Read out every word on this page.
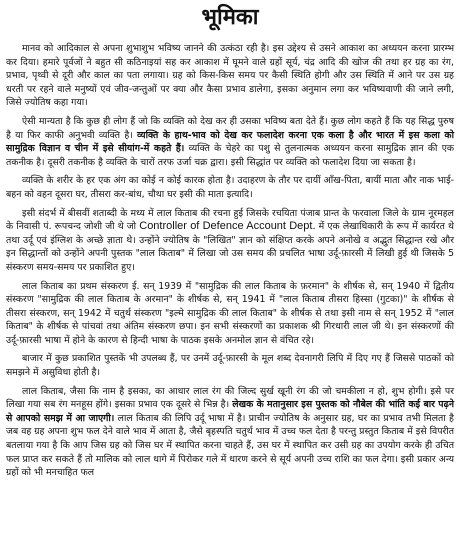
भूमिका

मानव को आदिकाल से अपना शुभाशुभ भविष्य जानने की उत्कंठा रही है। इस उद्देश्य से उसने आकाश का अध्ययन करना प्रारम्भ कर दिया। हमारे पूर्वजों ने बहुत सी कठिनाइयां सह कर आकाश में घूमने वाले ग्रहों सूर्य, चंद्र आदि की खोज की तथा हर ग्रह का रंग, प्रभाव, पृथ्वी से दूरी और काल का पता लगाया। ग्रह को किस-किस समय पर कैसी स्थिति होगी और उस स्थिति में आने पर उस ग्रह धरती पर रहने वाले मनुष्यों एवं जीव-जन्तुओं पर क्या और कैसा प्रभाव डालेगा, इसका अनुमान लगा कर भविष्यवाणी की जाने लगी, जिसे ज्योतिष कहा गया।

ऐसी मान्यता है कि कुछ ही लोग हैं जो कि व्यक्ति को देख कर ही उसका भविष्य बता देते हैं। कुछ लोग कहते हैं कि यह सिद्ध पुरुष है या फिर काफी अनुभवी व्यक्ति है। व्यक्ति के हाथ-भाव को देख कर फलादेश करना एक कला है और भारत में इस कला को सामुद्रिक विज्ञान व चीन में इसे सीयांग-में कहते हैं। व्यक्ति के चेहरे का पशु से तुलनात्मक अध्ययन करना सामुद्रिक ज्ञान की एक तकनीक है। दूसरी तकनीक है व्यक्ति के चारों तरफ उर्जा चक्र द्वारा। इसी सिद्धांत पर व्यक्ति को फलादेश दिया जा सकता है।

व्यक्ति के शरीर के हर एक अंग का कोई न कोई कारक होता है। उदाहरण के तौर पर दायीं आँख-पिता, बायीं माता और नाक भाई-बहन को वहन दूसरा घर, तीसरा कर-बांध, चौथा घर इसी की माता इत्यादि।

इसी संदर्भ में बीसवीं शताब्दी के मध्य में लाल किताब की रचना हुई जिसके रचयिता पंजाब प्रान्त के फरवाला जिले के ग्राम नूरमहल के निवासी पं. रूपचन्द जोशी जी थे जो Controller of Defence Account Dept. में एक लेखाधिकारी के रूप में कार्यरत थे तथा उर्दू एवं इंग्लिश के अच्छे ज्ञाता थे। उन्होंने ज्योतिष के "लिखित" ज्ञान को संक्षिप्त करके अपने अनोखे व अद्भुत सिद्धान्त रखे और इन सिद्धान्तों को उन्होंने अपनी पुस्तक "लाल किताब" में लिखा जो उस समय की प्रचलित भाषा उर्दू-फ़ारसी में लिखी हुई थी जिसके 5 संस्करण समय-समय पर प्रकाशित हुए।

लाल किताब का प्रथम संस्करण ई. सन् 1939 में "सामुद्रिक की लाल किताब के फ़रमान" के शीर्षक से, सन् 1940 में द्वितीय संस्करण "सामुद्रिक की लाल किताब के अरमान" के शीर्षक से, सन् 1941 में "लाल किताब तीसरा हिस्सा (गुटका)" के शीर्षक से तीसरा संस्करण, सन् 1942 में चतुर्थ संस्करण "इल्मे सामुद्रिक की लाल किताब" के शीर्षक से तथा इसी नाम से सन् 1952 में "लाल किताब" के शीर्षक से पांचवां तथा अंतिम संस्करण छपा। इन सभी संस्करणों का प्रकाशक श्री गिरधारी लाल जी थे। इन संस्करणों की उर्दू-फ़ारसी भाषा में होने के कारण से हिन्दी भाषा के पाठक इसके अनमोल ज्ञान से वंचित रहे।

बाजार में कुछ प्रकाशित पुस्तकें भी उपलब्ध हैं, पर उनमें उर्दू-फ़ारसी के मूल शब्द देवनागरी लिपि में दिए गए हैं जिससे पाठकों को समझने में असुविधा होती है।

लाल किताब, जैसा कि नाम है इसका, का आधार लाल रंग की जिल्द सुर्ख खूनी रंग की जो चमकीला न हो, शुभ होगी। इसे पर लिखा गया सब रंग मनहूस होंगे। इसका प्रभाव एक दूसरे से भिन्न है। लेखक के मतानुसार इस पुस्तक को नौबेल की भांति कई बार पढ़ने से आपको समझ में आ जाएगी। लाल किताब की लिपि उर्दू भाषा में है। प्राचीन ज्योतिष के अनुसार ग्रह, घर का प्रभाव तभी मिलता है जब वह ग्रह अपना शुभ फल देने वाले भाव में आता है, जैसे बृहस्पति चतुर्थ भाव में उच्च फल देता है परन्तु प्रस्तुत किताब में इसे विपरीत बतलाया गया है कि आप जिस ग्रह को जिस घर में स्थापित करना चाहते हैं, उस घर में स्थापित कर उसी ग्रह का उपयोग करके ही उचित फल प्राप्त कर सकते हैं तो मालिक को लाल धागे में पिरोकर गले में धारण करने से सूर्य अपनी उच्च राशि का फल देगा। इसी प्रकार अन्य ग्रहों को भी मनचाहित फल
